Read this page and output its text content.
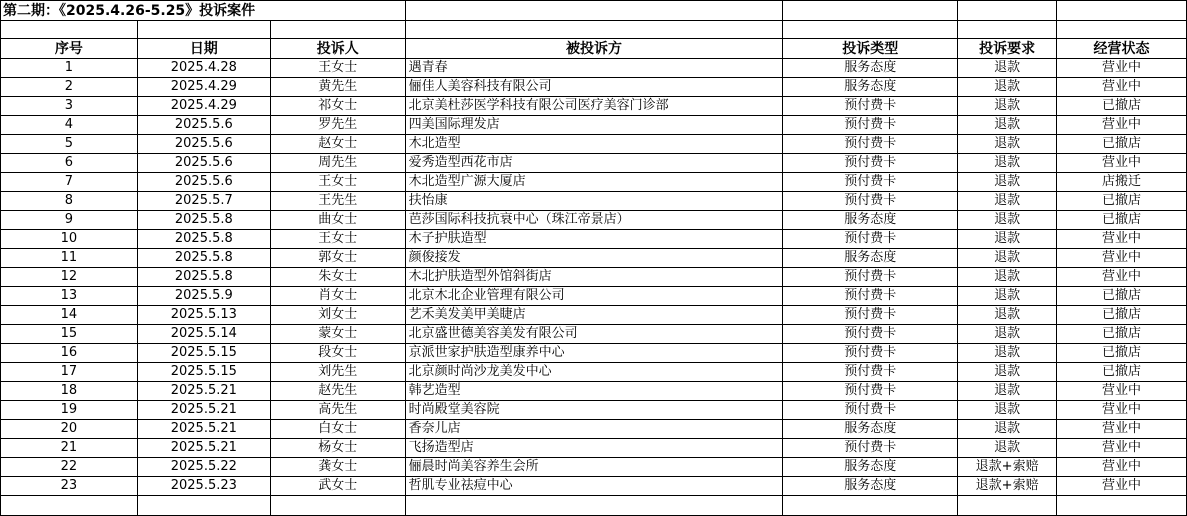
第二期：《2025.4.26-5.25》投诉案件						

序号	日期	投诉人	被投诉方	投诉类型	投诉要求	经营状态
1	2025.4.28	王女士	遇青春	服务态度	退款	营业中
2	2025.4.29	黄先生	俪佳人美容科技有限公司	服务态度	退款	营业中
3	2025.4.29	祁女士	北京美杜莎医学科技有限公司医疗美容门诊部	预付费卡	退款	已撤店
4	2025.5.6	罗先生	四美国际理发店	预付费卡	退款	营业中
5	2025.5.6	赵女士	木北造型	预付费卡	退款	已撤店
6	2025.5.6	周先生	爱秀造型西花市店	预付费卡	退款	营业中
7	2025.5.6	王女士	木北造型广源大厦店	预付费卡	退款	店搬迁
8	2025.5.7	王先生	扶怡康	预付费卡	退款	已撤店
9	2025.5.8	曲女士	芭莎国际科技抗衰中心（珠江帝景店）	服务态度	退款	已撤店
10	2025.5.8	王女士	木子护肤造型	预付费卡	退款	营业中
11	2025.5.8	郭女士	颜俊接发	服务态度	退款	营业中
12	2025.5.8	朱女士	木北护肤造型外馆斜街店	预付费卡	退款	营业中
13	2025.5.9	肖女士	北京木北企业管理有限公司	预付费卡	退款	已撤店
14	2025.5.13	刘女士	艺禾美发美甲美睫店	预付费卡	退款	已撤店
15	2025.5.14	蒙女士	北京盛世德美容美发有限公司	预付费卡	退款	已撤店
16	2025.5.15	段女士	京派世家护肤造型康养中心	预付费卡	退款	已撤店
17	2025.5.15	刘先生	北京颜时尚沙龙美发中心	预付费卡	退款	已撤店
18	2025.5.21	赵先生	韩艺造型	预付费卡	退款	营业中
19	2025.5.21	高先生	时尚殿堂美容院	预付费卡	退款	营业中
20	2025.5.21	白女士	香奈儿店	服务态度	退款	营业中
21	2025.5.21	杨女士	飞扬造型店	预付费卡	退款	营业中
22	2025.5.22	龚女士	俪晨时尚美容养生会所	服务态度	退款+索赔	营业中
23	2025.5.23	武女士	哲肌专业祛痘中心	服务态度	退款+索赔	营业中
